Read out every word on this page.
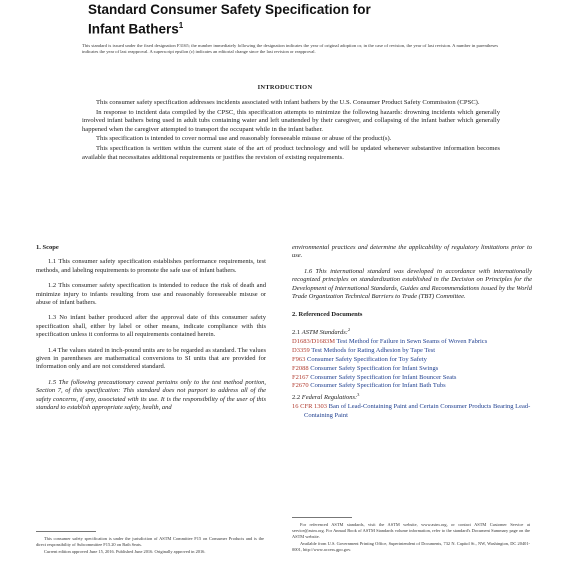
Standard Consumer Safety Specification for
Infant Bathers$^1$
This standard is issued under the fixed designation F3165; the number immediately following the designation indicates the year of original adoption or, in the case of revision, the year of last revision. A number in parentheses indicates the year of last reapproval. A superscript epsilon (ε) indicates an editorial change since the last revision or reapproval.
INTRODUCTION

This consumer safety specification addresses incidents associated with infant bathers by the U.S. Consumer Product Safety Commission (CPSC).

In response to incident data compiled by the CPSC, this specification attempts to minimize the following hazards: drowning incidents which generally involved infant bathers being used in adult tubs containing water and left unattended by their caregiver, and collapsing of the infant bather which generally happened when the caregiver attempted to transport the occupant while in the infant bather.

This specification is intended to cover normal use and reasonably foreseeable misuse or abuse of the product(s).

This specification is written within the current state of the art of product technology and will be updated whenever substantive information becomes available that necessitates additional requirements or justifies the revision of existing requirements.

1. Scope

1.1 This consumer safety specification establishes performance requirements, test methods, and labeling requirements to promote the safe use of infant bathers.

1.2 This consumer safety specification is intended to reduce the risk of death and minimize injury to infants resulting from use and reasonably foreseeable misuse or abuse of infant bathers.

1.3 No infant bather produced after the approval date of this consumer safety specification shall, either by label or other means, indicate compliance with this specification unless it conforms to all requirements contained herein.

1.4 The values stated in inch-pound units are to be regarded as standard. The values given in parentheses are mathematical conversions to SI units that are provided for information only and are not considered standard.

1.5 The following precautionary caveat pertains only to the test method portion, Section 7, of this specification: This standard does not purport to address all of the safety concerns, if any, associated with its use. It is the responsibility of the user of this standard to establish appropriate safety, health, and

environmental practices and determine the applicability of regulatory limitations prior to use.

1.6 This international standard was developed in accordance with internationally recognized principles on standardization established in the Decision on Principles for the Development of International Standards, Guides and Recommendations issued by the World Trade Organization Technical Barriers to Trade (TBT) Committee.

2. Referenced Documents
2.1 ASTM Standards:$^2$
D1683/D1683M Test Method for Failure in Sewn Seams of Woven Fabrics
D3359 Test Methods for Rating Adhesion by Tape Test
F963 Consumer Safety Specification for Toy Safety
F2088 Consumer Safety Specification for Infant Swings
F2167 Consumer Safety Specification for Infant Bouncer Seats
F2670 Consumer Safety Specification for Infant Bath Tubs
2.2 Federal Regulations:$^3$
16 CFR 1303 Ban of Lead-Containing Paint and Certain Consumer Products Bearing Lead-Containing Paint

This consumer safety specification is under the jurisdiction of ASTM Committee F15 on Consumer Products and is the direct responsibility of Subcommittee F15.20 on Bath Seats.

Current edition approved June 15, 2016. Published June 2016. Originally approved in 2016.

For referenced ASTM standards, visit the ASTM website, www.astm.org, or contact ASTM Customer Service at service@astm.org. For Annual Book of ASTM Standards volume information, refer to the standard's Document Summary page on the ASTM website.

Available from U.S. Government Printing Office, Superintendent of Documents, 732 N. Capitol St., NW, Washington, DC 20401-0001, http://www.access.gpo.gov.
